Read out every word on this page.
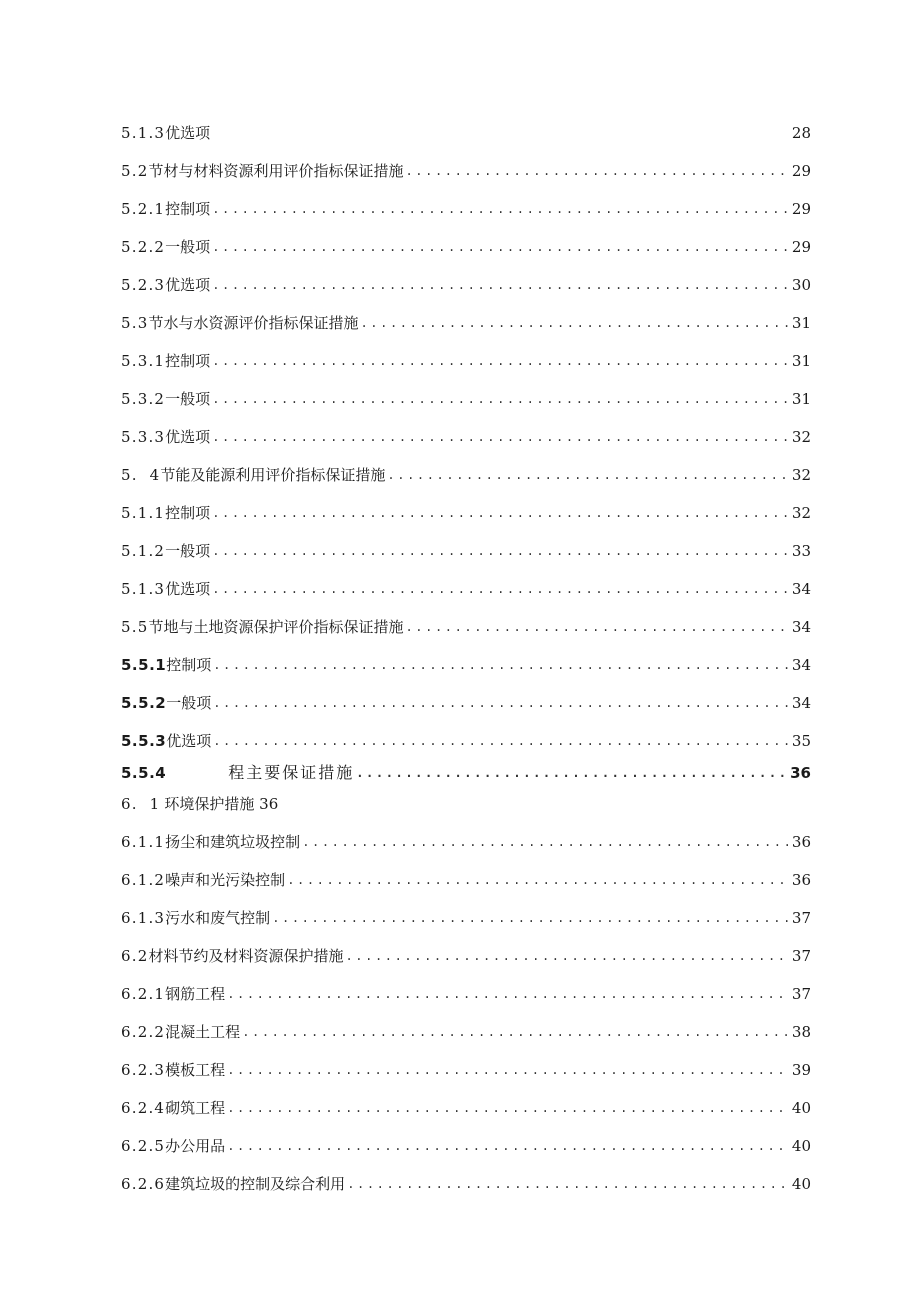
5.1.3 优选项	28
5.2 节材与材料资源利用评价指标保证措施 .....	29
5.2.1 控制项 .....	29
5.2.2 一般项 .....	29
5.2.3 优选项 .....	30
5.3 节水与水资源评价指标保证措施 .....	31
5.3.1 控制项 .....	31
5.3.2 一般项 .....	31
5.3.3 优选项 .....	32
5.  4 节能及能源利用评价指标保证措施 .....	32
5.1.1 控制项 .....	32
5.1.2 一般项 .....	33
5.1.3 优选项 .....	34
5.5 节地与土地资源保护评价指标保证措施 .....	34
5.5.1 控制项 .....	34
5.5.2 一般项 .....	34
5.5.3 优选项 .....	35
5.5.4	程主要保证措施 .....	36
6.  1 环境保护措施 36
6.1.1 扬尘和建筑垃圾控制 .....	36
6.1.2 噪声和光污染控制 .....	36
6.1.3 污水和废气控制 .....	37
6.2 材料节约及材料资源保护措施 .....	37
6.2.1 钢筋工程 .....	37
6.2.2 混凝土工程 .....	38
6.2.3 模板工程 .....	39
6.2.4 砌筑工程 .....	40
6.2.5 办公用品 .....	40
6.2.6 建筑垃圾的控制及综合利用 .....	40
